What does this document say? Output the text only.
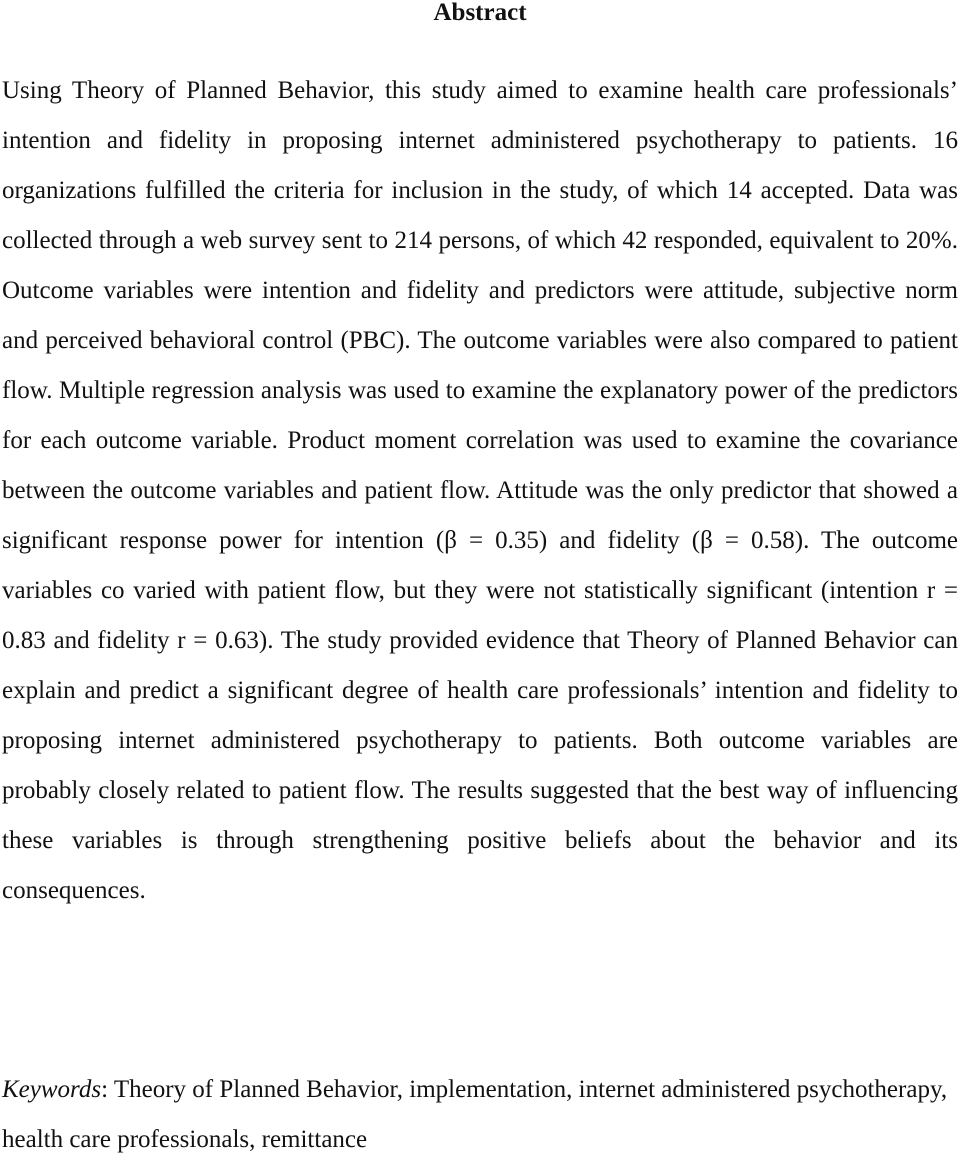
Abstract

Using Theory of Planned Behavior, this study aimed to examine health care professionals’ intention and fidelity in proposing internet administered psychotherapy to patients. 16 organizations fulfilled the criteria for inclusion in the study, of which 14 accepted. Data was collected through a web survey sent to 214 persons, of which 42 responded, equivalent to 20%. Outcome variables were intention and fidelity and predictors were attitude, subjective norm and perceived behavioral control (PBC). The outcome variables were also compared to patient flow. Multiple regression analysis was used to examine the explanatory power of the predictors for each outcome variable. Product moment correlation was used to examine the covariance between the outcome variables and patient flow. Attitude was the only predictor that showed a significant response power for intention (β = 0.35) and fidelity (β = 0.58). The outcome variables co varied with patient flow, but they were not statistically significant (intention r = 0.83 and fidelity r = 0.63). The study provided evidence that Theory of Planned Behavior can explain and predict a significant degree of health care professionals’ intention and fidelity to proposing internet administered psychotherapy to patients. Both outcome variables are probably closely related to patient flow. The results suggested that the best way of influencing these variables is through strengthening positive beliefs about the behavior and its consequences.

Keywords: Theory of Planned Behavior, implementation, internet administered psychotherapy, health care professionals, remittance
